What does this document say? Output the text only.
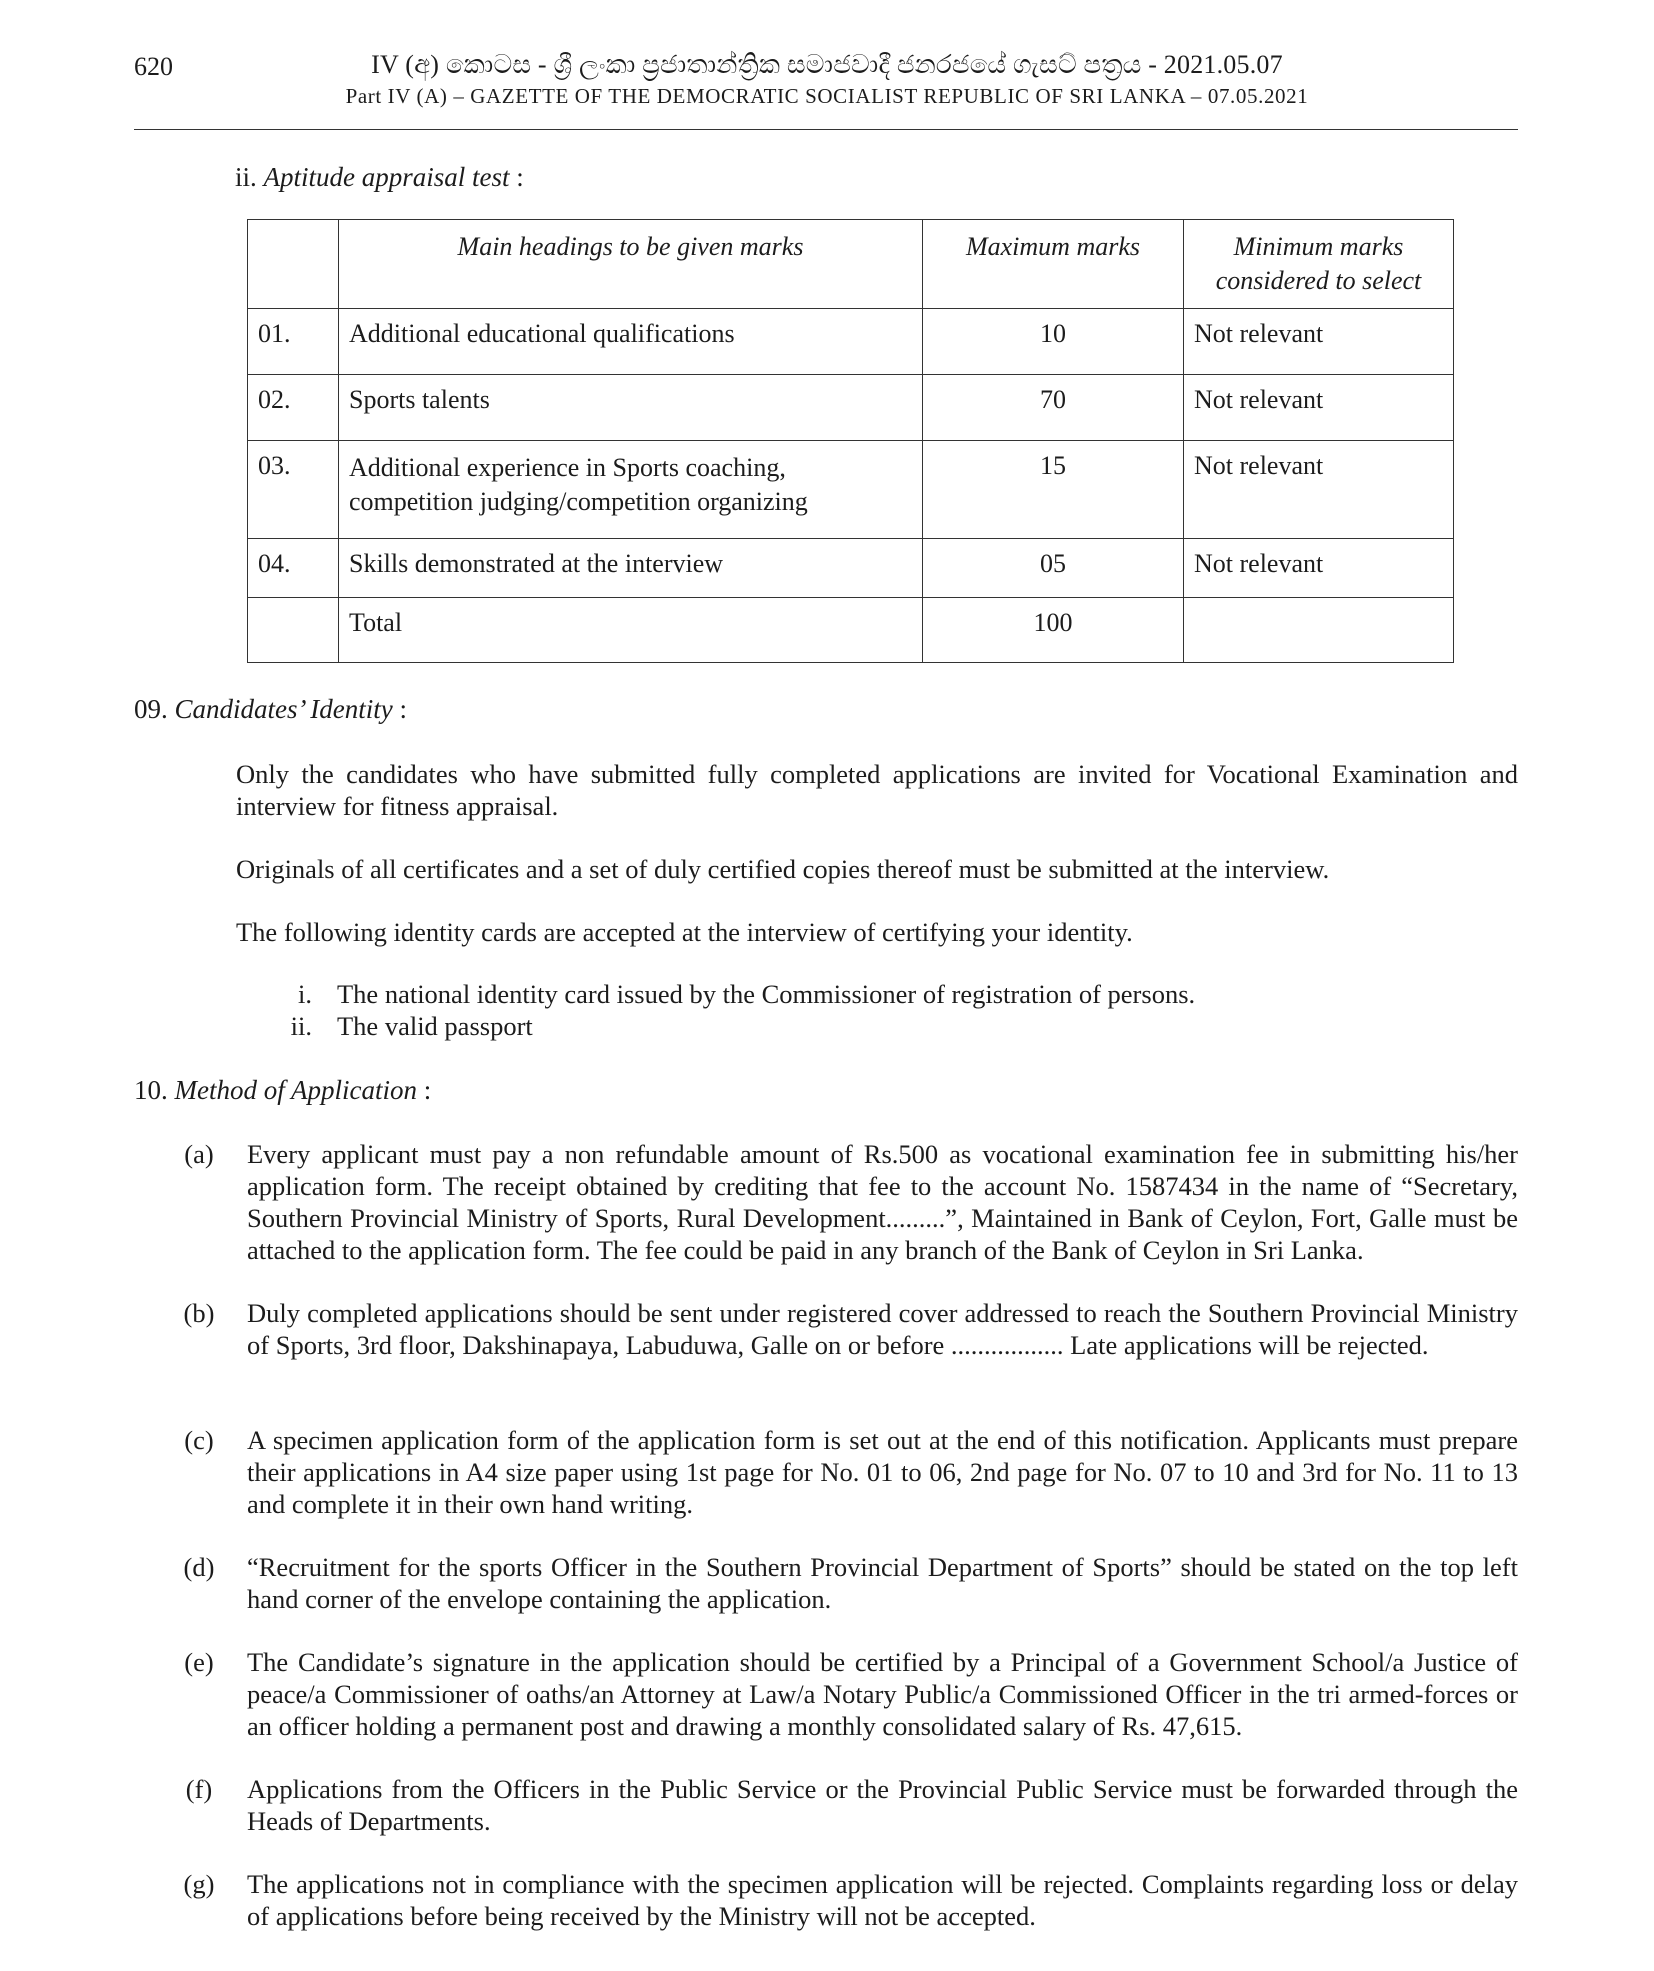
620	IV (අ) කොටස - ශ්‍රී ලංකා ප්‍රජාතාන්ත්‍රික සමාජවාදී ජනරජයේ ගැසට් පත්‍රය - 2021.05.07
Part IV (A) – GAZETTE OF THE DEMOCRATIC SOCIALIST REPUBLIC OF SRI LANKA – 07.05.2021
ii. Aptitude appraisal test :
	Main headings to be given marks	Maximum marks	Minimum marks considered to select
01.	Additional educational qualifications	10	Not relevant
02.	Sports talents	70	Not relevant
03.	Additional experience in Sports coaching, competition judging/competition organizing	15	Not relevant
04.	Skills demonstrated at the interview	05	Not relevant
	Total	100	
09. Candidates’ Identity :
Only the candidates who have submitted fully completed applications are invited for Vocational Examination and interview for fitness appraisal.
Originals of all certificates and a set of duly certified copies thereof must be submitted at the interview.
The following identity cards are accepted at the interview of certifying your identity.
i. The national identity card issued by the Commissioner of registration of persons.
ii. The valid passport
10. Method of Application :
(a)	Every applicant must pay a non refundable amount of Rs.500 as vocational examination fee in submitting his/her application form. The receipt obtained by crediting that fee to the account No. 1587434 in the name of “Secretary, Southern Provincial Ministry of Sports, Rural Development.........”, Maintained in Bank of Ceylon, Fort, Galle must be attached to the application form. The fee could be paid in any branch of the Bank of Ceylon in Sri Lanka.
(b)	Duly completed applications should be sent under registered cover addressed to reach the Southern Provincial Ministry of Sports, 3rd floor, Dakshinapaya, Labuduwa, Galle on or before ................. Late applications will be rejected.
(c)	A specimen application form of the application form is set out at the end of this notification. Applicants must prepare their applications in A4 size paper using 1st page for No. 01 to 06, 2nd page for No. 07 to 10 and 3rd for No. 11 to 13 and complete it in their own hand writing.
(d)	“Recruitment for the sports Officer in the Southern Provincial Department of Sports” should be stated on the top left hand corner of the envelope containing the application.
(e)	The Candidate’s signature in the application should be certified by a Principal of a Government School/a Justice of peace/a Commissioner of oaths/an Attorney at Law/a Notary Public/a Commissioned Officer in the tri armed-forces or an officer holding a permanent post and drawing a monthly consolidated salary of Rs. 47,615.
(f)	Applications from the Officers in the Public Service or the Provincial Public Service must be forwarded through the Heads of Departments.
(g)	The applications not in compliance with the specimen application will be rejected. Complaints regarding loss or delay of applications before being received by the Ministry will not be accepted.
